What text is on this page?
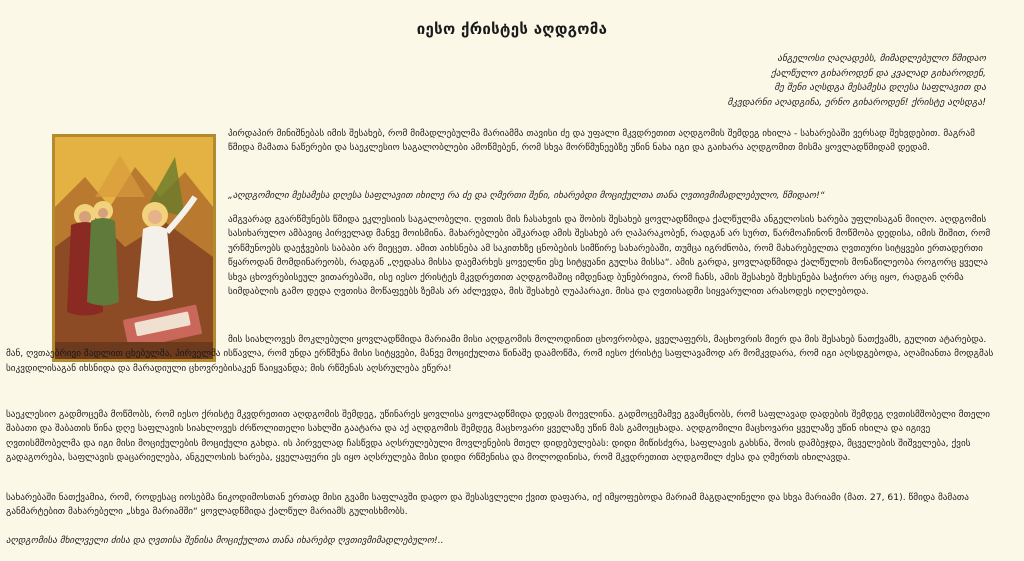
იესო ქრისტეს აღდგომა
ანგელოსი ღაღადებს, მიმადლებულო წმიდაო
ქალწულო გიხაროდენ და კვალად გიხაროდენ,
მე შენი აღსდგა მესამესა დღესა საფლავით და
მკვდარნი აღადგინა, ერნო გიხაროდენ! ქრისტე აღსდგა!

პირდაპირ მინიშნებას იმის შესახებ, რომ მიმადლებულმა მარიამმა თავისი ძე და უფალი მკვდრეთით აღდგომის შემდეგ იხილა - სახარებაში ვერსად შეხვდებით. მაგრამ წმიდა მამათა ნაწერები და საეკლესიო საგალობლები ამოწმებენ, რომ სხვა მორწმუნეებზე უწინ ნახა იგი და გაიხარა აღდგომით მისმა ყოვლადწმიდამ დედამ.

„აღდგომილი მესამესა დღესა საფლავით იხილე რა ძე და ღმერთი შენი, იხარებდი მოციქულთა თანა ღვთივმიმადლებულო, წმიდაო!“

ამგვარად გვარწმუნებს წმიდა ეკლესიის საგალობელი. ღვთის მის ჩასახვის და შობის შესახებ ყოვლადწმიდა ქალწულმა ანგელოსის ხარება უფლისაგან მიიღო. აღდგომის სასიხარულო ამბავიც პირველად მანვე მოისმინა. მახარებლები აშკარად ამის შესახებ არ ღაპარაკობენ, რადგან არ სურთ, წარმოაჩინონ მოწმობა დედისა, იმის შიშით, რომ ურწმუნოებს დაეჭვების საბაბი არ მიეცეთ. ამით აიხსნება ამ საკითხზე ცნობების სიმწირე სახარებაში, თუმცა იგრძნობა, რომ მახარებელთა ღვთიური სიტყვები ერთადერთი წყაროდან მომდინარეობს, რადგან „ღედასა მისსა დაემარხეს ყოველნი ესე სიტყუანი გულსა მისსა“. ამის გარდა, ყოვლადწმიდა ქალწულის მონაწილეობა როგორც ყველა სხვა ცხოვრებისეულ ვითარებაში, ისე იესო ქრისტეს მკვდრეთით აღდგომაშიც იმდენად ბუნებრივია, რომ ჩანს, ამის შესახებ შეხსენება საჭირო არც იყო, რადგან ღრმა სიმდაბლის გამო დედა ღვთისა მოწაფეებს ზემას არ აძლევდა, მის შესახებ ღუაპარაკი. მისა და ღვთისადმი სიყვარულით არასოდეს იღლებოდა.

მის სიახლოვეს მოკლებული ყოვლადწმიდა მარიამი მისი აღდგომის მოლოდინით ცხოვრობდა, ყველაფერს, მაცხოვრის მიერ და მის შესახებ ნათქვამს, გულით ატარებდა. მან, ღვთაებრივი მადლით ცხებულმა, პირველმა ისწავლა, რომ უნდა ერწმუნა მისი სიტყვები, მანვე მოციქულთა წინაშე დაამოწმა, რომ იესო ქრისტე საფლავამოდ არ მომკვდარა, რომ იგი აღსდგებოდა, აღამიანთა მოდგმას სიკვდილისაგან იხსნიდა და მარადიული ცხოვრებისაკენ წაიყვანდა; მის რწმენას აღსრულება ეწერა!

საეკლესიო გადმოცემა მოწმობს, რომ იესო ქრისტე მკვდრეთით აღდგომის შემდეგ, უწინარეს ყოვლისა ყოვლადწმიდა დედას მოევლინა. გადმოცემამვე გვამცნობს, რომ საფლავად დადების შემდეგ ღვთისმშობელი მთელი შაბათი და შაბათის წინა დღე საფლავის სიახლოვეს ძრწოლითელი სახლში გაატარა და აქ აღდგომის შემდეგ მაცხოვარი ყველაზე უწინ მას გამოეცხადა. აღდგომილი მაცხოვარი ყველაზე უწინ იხილა და იგივე ღვთისმშობელმა და იგი მისი მოციქულების მოციქული გახდა. ის პირველად ჩასწვდა აღსრულებული მოვლენების მთელ დიდებულებას: დიდი მიწისძვრა, საფლავის გახსნა, შოის დამბეჯდა, მცველების შიშველება, ქვის გადაგორება, საფლავის დაცარიელება, ანგელოსის ხარება, ყველაფერი ეს იყო აღსრულება მისი დიდი რწმენისა და მოლოდინისა, რომ მკვდრეთით აღდგომილ ძესა და ღმერთს იხილავდა.

სახარებაში ნათქვამია, რომ, როდესაც იოსებმა ნიკოდიმოსთან ერთად მისი გვამი საფლავში დადო და შესასვლელი ქვით დაფარა, იქ იმყოფებოდა მარიამ მაგდალინელი და სხვა მარიამი (მათ. 27, 61). წმიდა მამათა განმარტებით მახარებელი „სხვა მარიამში“ ყოვლადწმიდა ქალწულ მარიამს გულისხმობს.

აღდგომისა მხილველი ძისა და ღვთისა შენისა მოციქულთა თანა იხარებდ ღვთივმიმადლებულო!..
